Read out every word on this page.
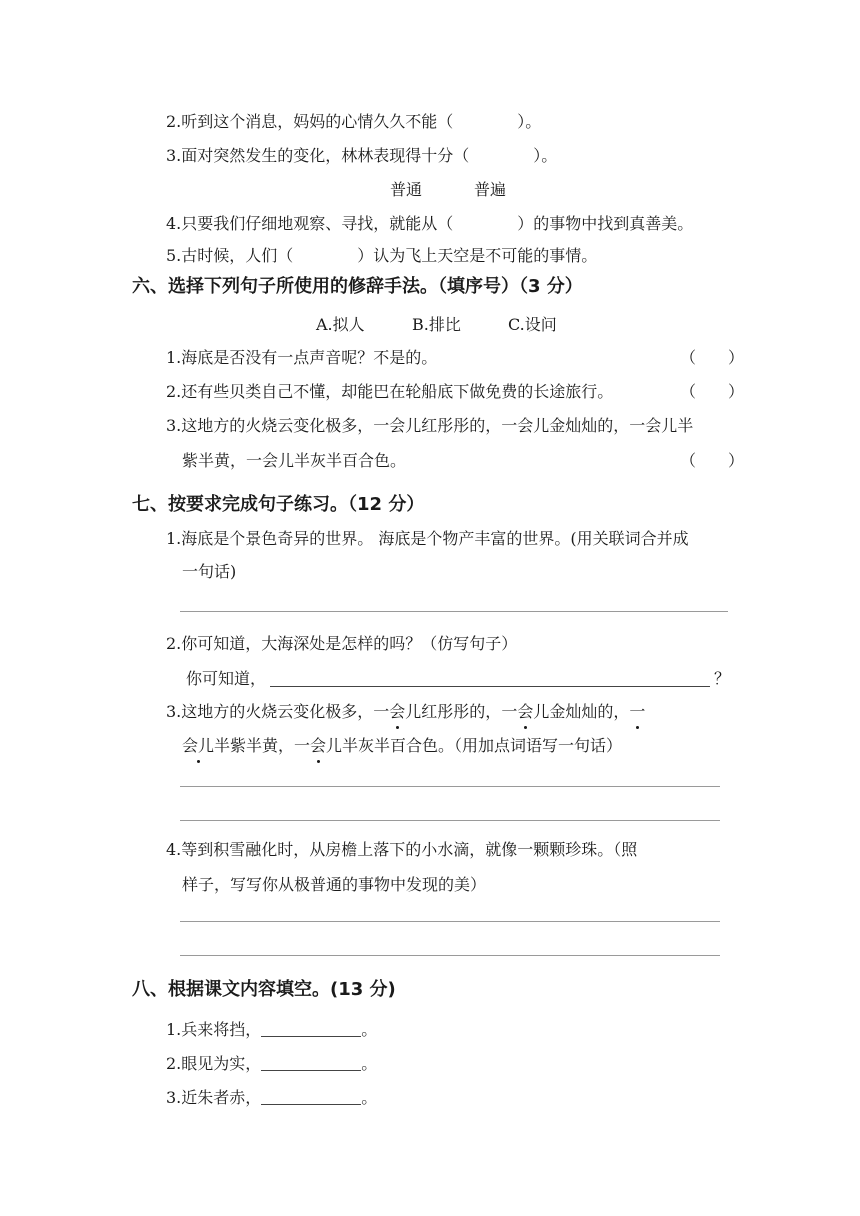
2.听到这个消息，妈妈的心情久久不能（　　　　）。
3.面对突然发生的变化，林林表现得十分（　　　　）。
普通	普遍
4.只要我们仔细地观察、寻找，就能从（　　　　）的事物中找到真善美。
5.古时候，人们（　　　　）认为飞上天空是不可能的事情。
六、选择下列句子所使用的修辞手法。（填序号）（3 分）
A.拟人	B.排比	C.设问
1.海底是否没有一点声音呢？不是的。	（　　）
2.还有些贝类自己不懂，却能巴在轮船底下做免费的长途旅行。	（　　）
3.这地方的火烧云变化极多，一会儿红彤彤的，一会儿金灿灿的，一会儿半
紫半黄，一会儿半灰半百合色。	（　　）
七、按要求完成句子练习。（12 分）
1.海底是个景色奇异的世界。 海底是个物产丰富的世界。(用关联词合并成
一句话)
2.你可知道，大海深处是怎样的吗？（仿写句子）
你可知道，	？
3.这地方的火烧云变化极多，一会儿红彤彤的，一会儿金灿灿的，一
会儿半紫半黄，一会儿半灰半百合色。（用加点词语写一句话）
4.等到积雪融化时，从房檐上落下的小水滴，就像一颗颗珍珠。（照
样子，写写你从极普通的事物中发现的美）
八、根据课文内容填空。(13 分)
1.兵来将挡，	。
2.眼见为实，	。
3.近朱者赤，	。
